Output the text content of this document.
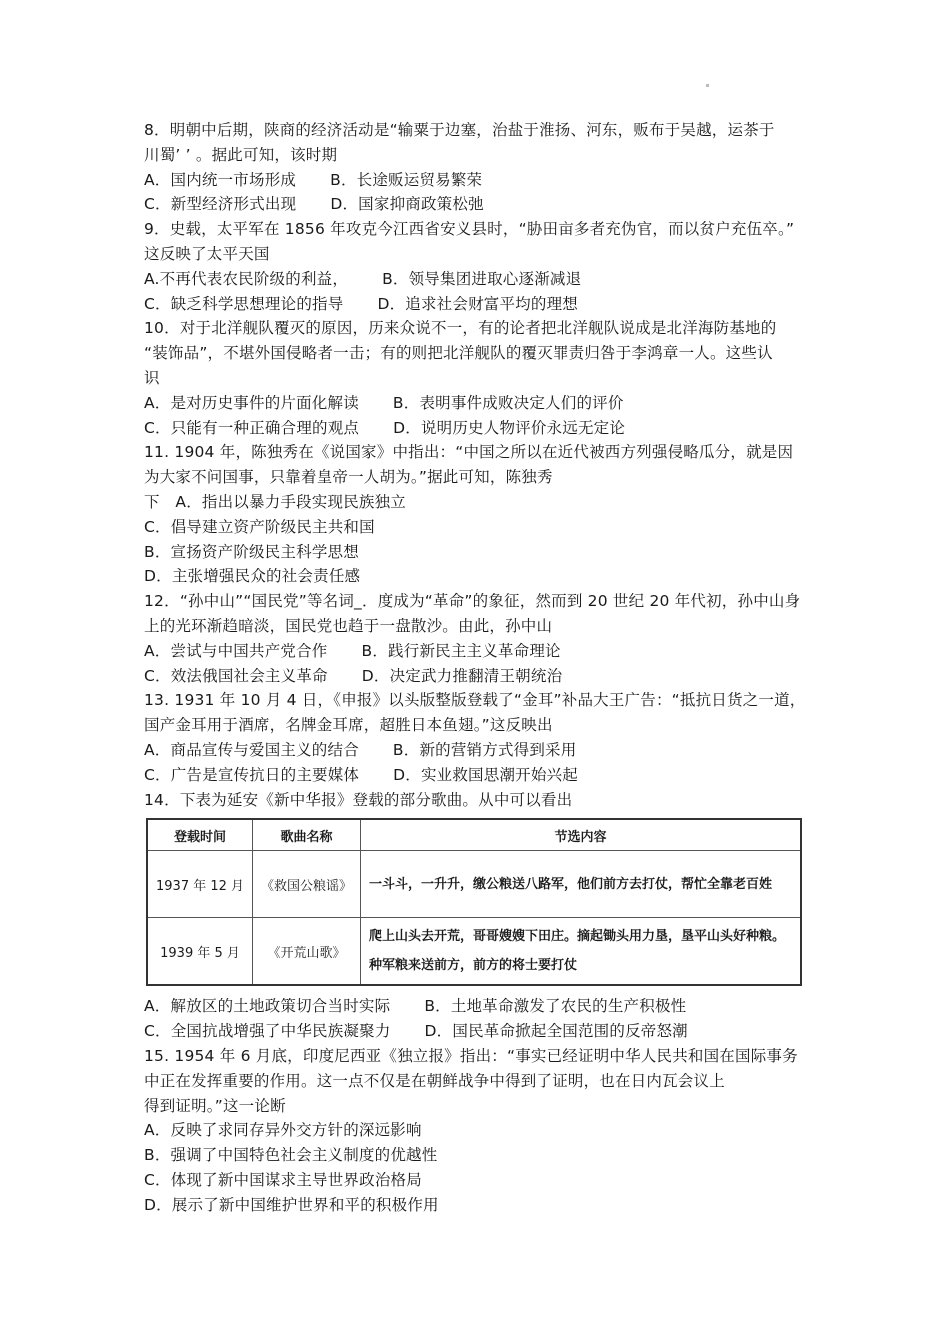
8．明朝中后期，陕商的经济活动是“输粟于边塞，治盐于淮扬、河东，贩布于吴越，运茶于
川蜀’ ’ 。据此可知，该时期
A．国内统一市场形成 B．长途贩运贸易繁荣
C．新型经济形式出现 D．国家抑商政策松弛
9．史载，太平军在 1856 年攻克今江西省安义县时，“胁田亩多者充伪官，而以贫户充伍卒。”
这反映了太平天国
A.不再代表农民阶级的利益， B．领导集团进取心逐渐减退
C．缺乏科学思想理论的指导 D．追求社会财富平均的理想
10．对于北洋舰队覆灭的原因，历来众说不一，有的论者把北洋舰队说成是北洋海防基地的
“装饰品”，不堪外国侵略者一击；有的则把北洋舰队的覆灭罪责归咎于李鸿章一人。这些认
识
A．是对历史事件的片面化解读 B．表明事件成败决定人们的评价
C．只能有一种正确合理的观点 D．说明历史人物评价永远无定论
11. 1904 年，陈独秀在《说国家》中指出：“中国之所以在近代被西方列强侵略瓜分，就是因
为大家不问国事，只靠着皇帝一人胡为。”据此可知，陈独秀
下　A．指出以暴力手段实现民族独立
C．倡导建立资产阶级民主共和国
B．宣扬资产阶级民主科学思想
D．主张增强民众的社会责任感
12．“孙中山”“国民党”等名词_．度成为“革命”的象征，然而到 20 世纪 20 年代初，孙中山身
上的光环渐趋暗淡，国民党也趋于一盘散沙。由此，孙中山
A．尝试与中国共产党合作 B．践行新民主主义革命理论
C．效法俄国社会主义革命 D．决定武力推翻清王朝统治
13. 1931 年 10 月 4 日，《申报》以头版整版登载了“金耳”补品大王广告：“抵抗日货之一道，
国产金耳用于酒席，名牌金耳席，超胜日本鱼翅。”这反映出
A．商品宣传与爱国主义的结合 B．新的营销方式得到采用
C．广告是宣传抗日的主要媒体 D．实业救国思潮开始兴起
14．下表为延安《新中华报》登载的部分歌曲。从中可以看出
登载时间	歌曲名称	节选内容
1937 年 12 月	《救国公粮谣》	一斗斗，一升升，缴公粮送八路军，他们前方去打仗，帮忙全靠老百姓
1939 年 5 月	《开荒山歌》	爬上山头去开荒，哥哥嫂嫂下田庄。摘起锄头用力垦，垦平山头好种粮。种军粮来送前方，前方的将士要打仗
A．解放区的土地政策切合当时实际 B．土地革命激发了农民的生产积极性
C．全国抗战增强了中华民族凝聚力 D．国民革命掀起全国范围的反帝怒潮
15. 1954 年 6 月底，印度尼西亚《独立报》指出：“事实已经证明中华人民共和国在国际事务
中正在发挥重要的作用。这一点不仅是在朝鲜战争中得到了证明，也在日内瓦会议上
得到证明。”这一论断
A．反映了求同存异外交方针的深远影响
B．强调了中国特色社会主义制度的优越性
C．体现了新中国谋求主导世界政治格局
D．展示了新中国维护世界和平的积极作用
